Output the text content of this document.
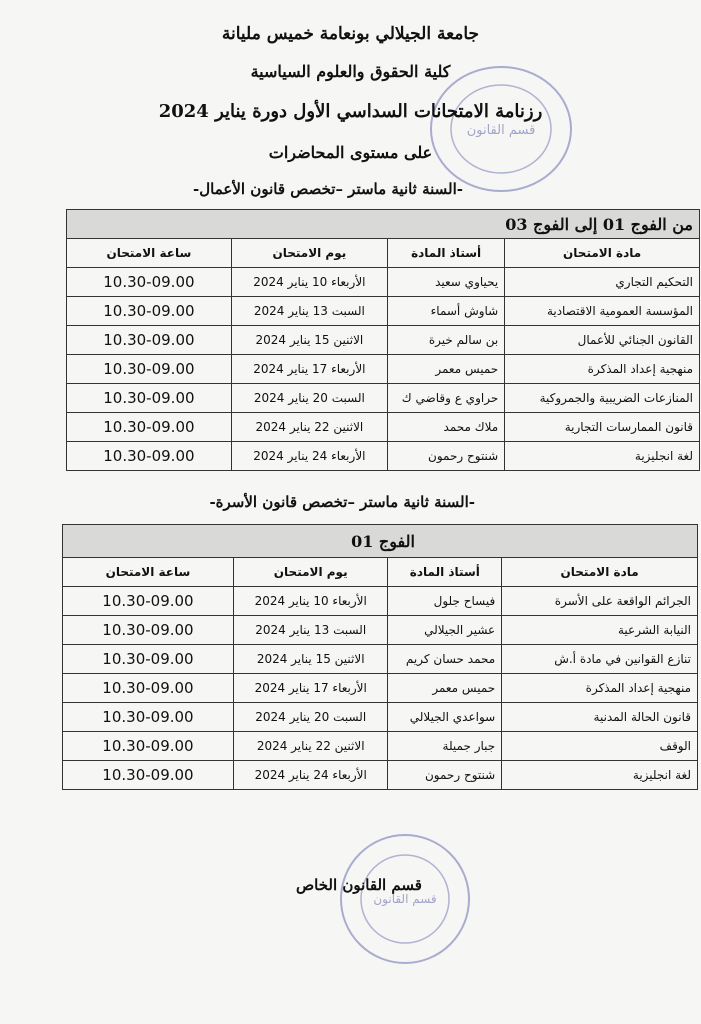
قسم القانون
جامعة الجيلالي بونعامة خميس مليانة
كلية الحقوق والعلوم السياسية
رزنامة الامتحانات السداسي الأول دورة يناير 2024
على مستوى المحاضرات
-السنة ثانية ماستر –تخصص قانون الأعمال-
من الفوج 01 إلى الفوج 03			
مادة الامتحان	أستاذ المادة	يوم الامتحان	ساعة الامتحان
التحكيم التجاري	يحياوي سعيد	الأربعاء 10 يناير 2024	10.30-09.00
المؤسسة العمومية الاقتصادية	شاوش أسماء	السبت 13 يناير 2024	10.30-09.00
القانون الجنائي للأعمال	بن سالم خيرة	الاثنين 15 يناير 2024	10.30-09.00
منهجية إعداد المذكرة	حميس معمر	الأربعاء 17 يناير 2024	10.30-09.00
المنازعات الضريبية والجمروكية	حراوي ع وقاضي ك	السبت 20 يناير 2024	10.30-09.00
قانون الممارسات التجارية	ملاك محمد	الاثنين 22 يناير 2024	10.30-09.00
لغة انجليزية	شنتوح رحمون	الأربعاء 24 يناير 2024	10.30-09.00
-السنة ثانية ماستر –تخصص قانون الأسرة-
الفوج 01			
مادة الامتحان	أستاذ المادة	يوم الامتحان	ساعة الامتحان
الجرائم الواقعة على الأسرة	فيساح جلول	الأربعاء 10 يناير 2024	10.30-09.00
النيابة الشرعية	عشير الجيلالي	السبت 13 يناير 2024	10.30-09.00
تنازع القوانين في مادة أ.ش	محمد حسان كريم	الاثنين 15 يناير 2024	10.30-09.00
منهجية إعداد المذكرة	حميس معمر	الأربعاء 17 يناير 2024	10.30-09.00
قانون الحالة المدنية	سواعدي الجيلالي	السبت 20 يناير 2024	10.30-09.00
الوقف	جبار جميلة	الاثنين 22 يناير 2024	10.30-09.00
لغة انجليزية	شنتوح رحمون	الأربعاء 24 يناير 2024	10.30-09.00
قسم القانون
قسم القانون الخاص
